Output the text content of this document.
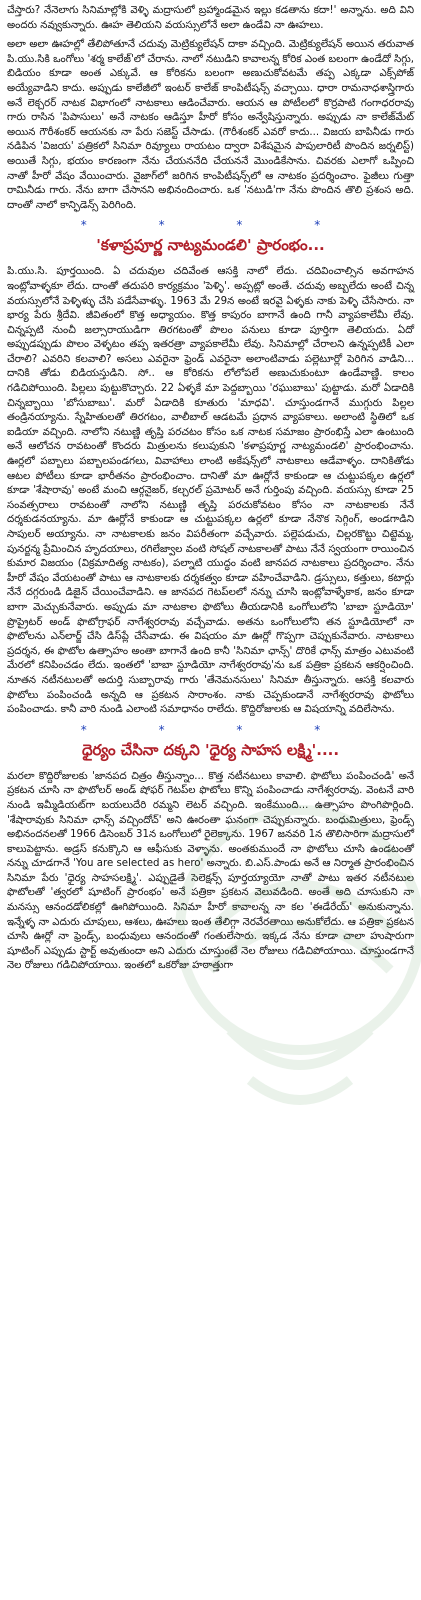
చేస్తారు? నేనెలాగు సినిమాల్లోకి వెళ్ళి మద్రాసులో బ్రహ్మాండమైన ఇల్లు కడతాను కదా!' అన్నాను. అది విని అందరు నవ్వుకున్నారు. ఊహ తెలియని వయస్సులోనే అలా ఉండేవి నా ఊహలు.

అలా అలా ఊహల్లో తేలిపోతూనే చదువు మెట్రిక్యులేషన్ దాకా వచ్చింది. మెట్రిక్యులేషన్ అయిన తరువాత పి.యు.సికి ఒంగోలు 'శర్మ కాలేజ్'లో చేరాను. నాలో నటుడిని కావాలన్న కోరిక ఎంత బలంగా ఉండేదో సిగ్గు, బిడియం కూడా అంత ఎక్కువే. ఆ కోరికను బలంగా అణుచుకోవటమే తప్ప ఎక్కడా ఎక్స్‌పోజ్ అయ్యేవాడిని కాదు. అప్పుడు కాలేజీలో ఇంటర్ కాలేజ్ కాంపిటీషన్స్ వచ్చాయి. ధారా రామనాధశాస్త్రిగారు అనే లెక్చరర్ నాటక విభాగంలో నాటకాలు ఆడించేవారు. ఆయన ఆ పోటీలలో కొర్రపాటి గంగాధరరావు గారు రాసిన 'పిపాసులు' అనే నాటకం ఆడిస్తూ హీరో కోసం అన్వేషిస్తున్నారు. అప్పుడు నా కాలేజ్‌మేట్ అయిన గౌరీశంకర్ ఆయనకు నా పేరు సజెస్ట్ చేసాడు. (గౌరీశంకర్ ఎవరో కాదు... విజయ బాపినీడు గారు నడిపిన 'విజయ' పత్రికలో సినిమా రివ్యూలు రాయటం ద్వారా విశేషమైన పాపులారిటీ పొందిన జర్నలిస్ట్) అయితే సిగ్గు, భయం కారణంగా నేను చేయననేది చేయననే మొండికేసాను. చివరకు ఎలాగో ఒప్పించి నాతో హీరో వేషం వేయించారు. వైజాగ్‌లో జరిగిన కాంపిటీషన్స్‌లో ఆ నాటకం ప్రదర్శించాం. ఫైజీలు గుత్తా రామినీడు గారు. నేను బాగా చేసానని అభినందించారు. ఒక 'నటుడి'గా నేను పొందిన తొలి ప్రశంస అది. దాంతో నాలో కాన్ఫిడెన్స్ పెరిగింది.

* * * *
'కళాప్రపూర్ణ నాట్యమండలి' ప్రారంభం...

పి.యు.సి. పూర్తయింది. ఏ చదువుల చదివేంత ఆసక్తి నాలో లేదు. చదివించాల్సిన అవగాహన ఇంట్లోవాళ్ళకూ లేదు. దాంతో తదుపరి కార్యక్రమం 'పెళ్ళి'. అప్పట్లో అంతే. చదువు అబ్బలేదు అంటే చిన్న వయస్సులోనే పెళ్ళిళ్ళు చేసి పడేసేవాళ్ళు. 1963 మే 29న అంటే ఇరవై ఏళ్ళకు నాకు పెళ్ళి చేసేసారు. నా భార్య పేరు శ్రీదేవి. జీవితంలో కొత్త అధ్యాయం. కొత్త కాపురం బాగానే ఉంది గానీ వ్యాపకాలేమీ లేవు. చిన్నప్పటి నుంచీ జల్సారాయుడిగా తిరగటంతో పొలం పనులు కూడా పూర్తిగా తెలియదు. ఏదో అప్పుడప్పుడు పొలం వెళ్ళటం తప్ప ఇతరత్రా వ్యాపకాలేమీ లేవు. సినిమాల్లో చేరాలని ఉన్నప్పటికీ ఎలా చేరాలి? ఎవరిని కలవాలి? అసలు ఎవరైనా ఫ్రెండ్ ఎవరైనా అలాంటివాడు పల్లెటూర్లో పెరిగిన వాడిని... దానికి తోడు బిడియస్తుడిని. సో.. ఆ కోరికను లోలోపలే అణుచుకుంటూ ఉండేవాణ్ణి. కాలం గడిచిపోయింది. పిల్లలు పుట్టుకొచ్చారు. 22 ఏళ్ళకే మా పెద్దబ్బాయి 'రఘుబాబు' పుట్టాడు. మరో ఏడాదికి చిన్నబ్బాయి 'బోసుబాబు'. మరో ఏడాదికి కూతురు 'మాధవి'. చూస్తుండగానే ముగ్గురు పిల్లల తండ్రినయ్యాను. స్నేహితులతో తిరగటం, వాలీబాల్ ఆడటమే ప్రధాన వ్యాపకాలు. అలాంటి స్థితిలో ఒక ఐడియా వచ్చింది. నాలోని నటుణ్ణి తృప్తి పరచటం కోసం ఒక నాటక సమాజం ప్రారంభిస్తే ఎలా ఉంటుంది అనే ఆలోచన రావటంతో కొందరు మిత్రులను కలుపుకుని 'కళాప్రపూర్ణ నాట్యమండలి' ప్రారంభించాను. ఊర్లలో పబ్బాలు పబ్బాలపండగలు, వివాహాలు లాంటి అకేషన్స్‌లో నాటకాలు ఆడేవాళ్ళం. దానికితోడు ఆటల పోటీలు కూడా భారీతనం ప్రారంభించాం. దానితో మా ఊర్లోనే కాకుండా ఆ చుట్టుపక్కల ఉర్లలో కూడా 'శేషారావు' అంటే మంచి ఆర్గనైజర్, కల్చరల్ ప్రమోటర్ అనే గుర్తింపు వచ్చింది. వయస్సు కూడా 25 సంవత్సరాలు రావటంతో నాలోని నటుణ్ణి తృప్తి పరచుకోవటం కోసం నా నాటకాలకు నేనే దర్శకుడనయ్యాను. మా ఊర్లోనే కాకుండా ఆ చుట్టుపక్కల ఉర్లలో కూడా నేనొక సెగ్గింగ్, అండగాడిని సాపులర్ అయ్యాను. నా నాటకాలకు జనం విపరీతంగా వచ్చేవారు. పల్లెపడుచు, చిల్లరకొట్టు చిట్టెమ్మ, పునర్జన్మ ప్రేమించిన హృదయాలు, రగిలేజ్వాల వంటి సోషల్ నాటకాలతో పాటు నేనే స్వయంగా రాయించిన కుమార విజయం (విక్రమాదిత్య నాటకం), పల్నాటి యుద్ధం వంటి జానపద నాటకాలు ప్రదర్శించాం. నేను హీరో వేషం వేయటంతో పాటు ఆ నాటకాలకు దర్శకత్వం కూడా వహించేవాడిని. డ్రస్సులు, కత్తులు, కటార్లు నేనే దగ్గరుండి డిజైన్ చేయించేవాడిని. ఆ జానపద గెటప్‌లలో నన్ను చూసి ఇంట్లోవాళ్ళేకాక, జనం కూడా బాగా మెచ్చుకునేవారు. అప్పుడు మా నాటకాల ఫొటోలు తీయడానికి ఒంగోలులోని 'బాబా స్టూడియో' ప్రొప్రైటర్ అండ్ ఫొటోగ్రాఫర్ నాగేశ్వరరావు వచ్చేవాడు. అతను ఒంగోలులోని తన స్టూడియోలో నా ఫొటోలను ఎన్‌లార్జ్ చేసి డిస్‌ప్లే చేసేవాడు. ఈ విషయం మా ఊర్లో గొప్పగా చెప్పుకునేవారు. నాటకాలు ప్రదర్శన, ఈ ఫొటోల ఉత్సాహం అంతా బాగానే ఉంది కానీ 'సినిమా ఛాన్స్' దొరికే ఛాన్స్ మాత్రం ఎటువంటి మేరలో కనిపించడం లేదు. ఇంతలో 'బాబా స్టూడియో నాగేశ్వరరావు'ను ఒక పత్రికా ప్రకటన ఆకర్షించింది. నూతన నటీనటులతో అదుర్తి సుబ్బారావు గారు 'తేనెమనసులు' సినిమా తీస్తున్నారు. ఆసక్తి కలవారు ఫొటోలు పంపించండి అన్నది ఆ ప్రకటన సారాంశం. నాకు చెప్పకుండానే నాగేశ్వరరావు ఫొటోలు పంపించాడు. కానీ వారి నుండి ఎలాంటి సమాధానం రాలేదు. కొద్దిరోజులకు ఆ విషయాన్ని వదిలేసాను.

* * * *
ధైర్యం చేసినా దక్కని 'ధైర్య సాహస లక్ష్మి'....

మరలా కొద్దిరోజులకు 'జానపద చిత్రం తీస్తున్నాం... కొత్త నటీనటులు కావాలి. ఫొటోలు పంపించండి' అనే ప్రకటన చూసి నా ఫొటోలర్ అండ్ షోఫర్ గెటప్‌ల ఫొటోలు కొన్ని పంపించాడు నాగేశ్వరరావు. వెంటనే వారి నుండి ఇమ్మీడియట్‌గా బయలుదేరి రమ్మని లెటర్ వచ్చింది. ఇంకేముంది... ఉత్సాహం పొంగిపొర్లింది. 'శేషారావుకు సినిమా ఛాన్స్ వచ్చిందోచ్' అని ఊరంతా ఘనంగా చెప్పుకున్నారు. బంధుమిత్రులు, ఫ్రెండ్స్ అభినందనలతో 1966 డిసెంబర్ 31న ఒంగోలులో రైలెక్కాను. 1967 జనవరి 1న తొలిసారిగా మద్రాసులో కాలుపెట్టాను. అడ్రస్ కనుక్కొని ఆ ఆఫీసుకు వెళ్ళాను. అంతకుముందే నా ఫొటోలు చూసి ఉండటంతో నన్ను చూడగానే 'You are selected as hero' అన్నారు. బి.ఎస్.పాండు అనే ఆ నిర్మాత ప్రారంభించిన సినిమా పేరు 'ధైర్య సాహసలక్ష్మి'. ఎప్పుడైతే సెలెక్షన్స్ పూర్తయ్యాయో నాతో పాటు ఇతర నటీనటుల ఫొటోలతో 'త్వరలో షూటింగ్ ప్రారంభం' అనే పత్రికా ప్రకటన వెలువడింది. అంతే అది చూసుకుని నా మనస్సు ఆనందడోలికల్లో ఊగిపోయింది. సినిమా హీరో కావాలన్న నా కల 'ఈడేరేయ్' అనుకున్నాను. ఇన్నేళ్ళ నా ఎదురు చూపులు, ఆశలు, ఊహలు ఇంత తేలిగ్గా నెరవేరతాయి అనుకోలేదు. ఆ పత్రికా ప్రకటన చూసి ఊర్లో నా ఫ్రెండ్స్, బంధువులు ఆనందంతో గంతులేసారు. ఇక్కడ నేను కూడా చాలా హుషారుగా షూటింగ్ ఎప్పుడు స్టార్ట్ అవుతుందా అని ఎదురు చూస్తుంటే నెల రోజులు గడిచిపోయాయి. చూస్తుండగానే నెల రోజులు గడిచిపోయాయి. ఇంతలో ఒకరోజు హఠాత్తుగా
